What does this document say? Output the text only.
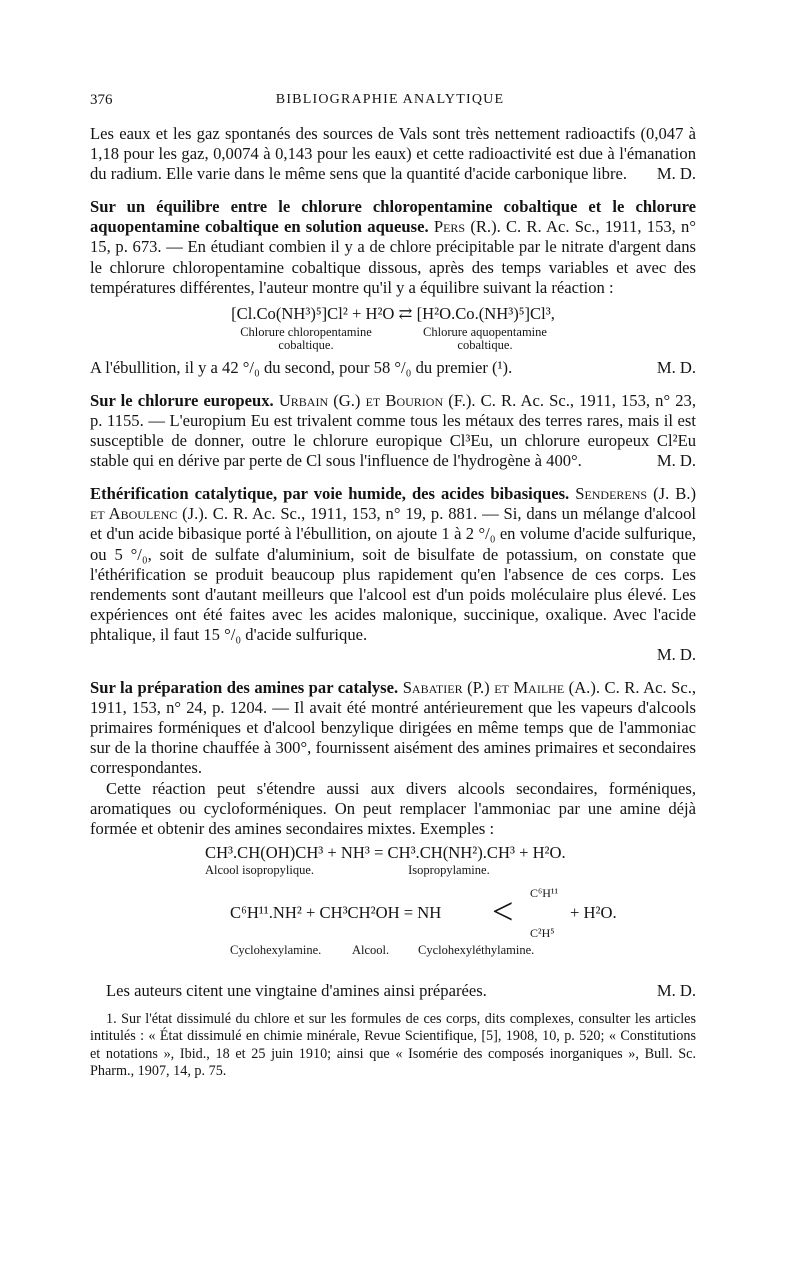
376	BIBLIOGRAPHIE ANALYTIQUE

Les eaux et les gaz spontanés des sources de Vals sont très nettement radioactifs (0,047 à 1,18 pour les gaz, 0,0074 à 0,143 pour les eaux) et cette radioactivité est due à l'émanation du radium. Elle varie dans le même sens que la quantité d'acide carbonique libre. M. D.

Sur un équilibre entre le chlorure chloropentamine cobaltique et le chlorure aquopentamine cobaltique en solution aqueuse. Pers (R.). C. R. Ac. Sc., 1911, 153, n° 15, p. 673. — En étudiant combien il y a de chlore précipitable par le nitrate d'argent dans le chlorure chloropentamine cobaltique dissous, après des temps variables et avec des températures différentes, l'auteur montre qu'il y a équilibre suivant la réaction :

[Cl.Co(NH³)⁵]Cl² + H²O ⇄ [H²O.Co.(NH³)⁵]Cl³,
Chlorure chloropentamine cobaltique.
Chlorure aquopentamine cobaltique.

A l'ébullition, il y a 42 °/₀ du second, pour 58 °/₀ du premier (¹).	M. D.

Sur le chlorure europeux. Urbain (G.) et Bourion (F.). C. R. Ac. Sc., 1911, 153, n° 23, p. 1155. — L'europium Eu est trivalent comme tous les métaux des terres rares, mais il est susceptible de donner, outre le chlorure europique Cl³Eu, un chlorure europeux Cl²Eu stable qui en dérive par perte de Cl sous l'influence de l'hydrogène à 400°.	M. D.

Ethérification catalytique, par voie humide, des acides bibasiques. Senderens (J. B.) et Aboulenc (J.). C. R. Ac. Sc., 1911, 153, n° 19, p. 881. — Si, dans un mélange d'alcool et d'un acide bibasique porté à l'ébullition, on ajoute 1 à 2 °/₀ en volume d'acide sulfurique, ou 5 °/₀, soit de sulfate d'aluminium, soit de bisulfate de potassium, on constate que l'éthérification se produit beaucoup plus rapidement qu'en l'absence de ces corps. Les rendements sont d'autant meilleurs que l'alcool est d'un poids moléculaire plus élevé. Les expériences ont été faites avec les acides malonique, succinique, oxalique. Avec l'acide phtalique, il faut 15 °/₀ d'acide sulfurique.

M. D.

Sur la préparation des amines par catalyse. Sabatier (P.) et Mailhe (A.). C. R. Ac. Sc., 1911, 153, n° 24, p. 1204. — Il avait été montré antérieurement que les vapeurs d'alcools primaires forméniques et d'alcool benzylique dirigées en même temps que de l'ammoniac sur de la thorine chauffée à 300°, fournissent aisément des amines primaires et secondaires correspondantes.

Cette réaction peut s'étendre aussi aux divers alcools secondaires, forméniques, aromatiques ou cycloforméniques. On peut remplacer l'ammoniac par une amine déjà formée et obtenir des amines secondaires mixtes. Exemples :

CH³.CH(OH)CH³ + NH³ = CH³.CH(NH²).CH³ + H²O.
Alcool isopropylique.	Isopropylamine.
C⁶H¹¹.NH² + CH³CH²OH = NH < C⁶H¹¹
C²H⁵
+ H²O.
Cyclohexylamine. Alcool. Cyclohexyléthylamine.

Les auteurs citent une vingtaine d'amines ainsi préparées.	M. D.

1. Sur l'état dissimulé du chlore et sur les formules de ces corps, dits complexes, consulter les articles intitulés : « État dissimulé en chimie minérale, Revue Scientifique, [5], 1908, 10, p. 520; « Constitutions et notations », Ibid., 18 et 25 juin 1910; ainsi que « Isomérie des composés inorganiques », Bull. Sc. Pharm., 1907, 14, p. 75.
